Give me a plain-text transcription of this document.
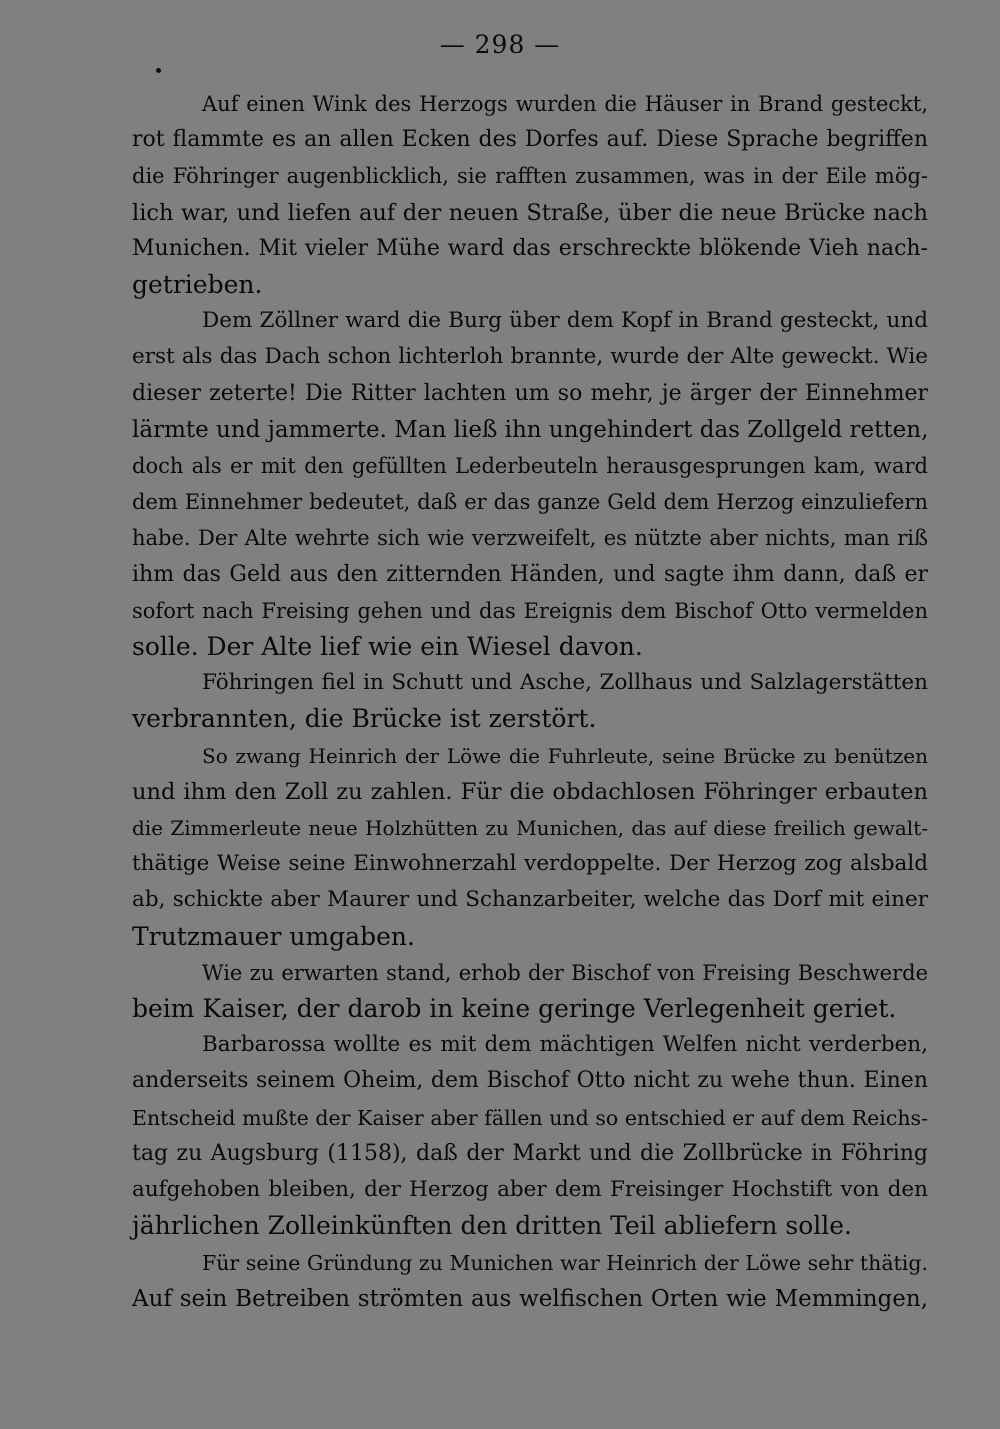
— 298 —
Auf einen Wink des Herzogs wurden die Häuser in Brand gesteckt,
rot flammte es an allen Ecken des Dorfes auf. Diese Sprache begriffen
die Föhringer augenblicklich, sie rafften zusammen, was in der Eile mög-
lich war, und liefen auf der neuen Straße, über die neue Brücke nach
Munichen. Mit vieler Mühe ward das erschreckte blökende Vieh nach-
getrieben.
Dem Zöllner ward die Burg über dem Kopf in Brand gesteckt, und
erst als das Dach schon lichterloh brannte, wurde der Alte geweckt. Wie
dieser zeterte! Die Ritter lachten um so mehr, je ärger der Einnehmer
lärmte und jammerte. Man ließ ihn ungehindert das Zollgeld retten,
doch als er mit den gefüllten Lederbeuteln herausgesprungen kam, ward
dem Einnehmer bedeutet, daß er das ganze Geld dem Herzog einzuliefern
habe. Der Alte wehrte sich wie verzweifelt, es nützte aber nichts, man riß
ihm das Geld aus den zitternden Händen, und sagte ihm dann, daß er
sofort nach Freising gehen und das Ereignis dem Bischof Otto vermelden
solle. Der Alte lief wie ein Wiesel davon.
Föhringen fiel in Schutt und Asche, Zollhaus und Salzlagerstätten
verbrannten, die Brücke ist zerstört.
So zwang Heinrich der Löwe die Fuhrleute, seine Brücke zu benützen
und ihm den Zoll zu zahlen. Für die obdachlosen Föhringer erbauten
die Zimmerleute neue Holzhütten zu Munichen, das auf diese freilich gewalt-
thätige Weise seine Einwohnerzahl verdoppelte. Der Herzog zog alsbald
ab, schickte aber Maurer und Schanzarbeiter, welche das Dorf mit einer
Trutzmauer umgaben.
Wie zu erwarten stand, erhob der Bischof von Freising Beschwerde
beim Kaiser, der darob in keine geringe Verlegenheit geriet.
Barbarossa wollte es mit dem mächtigen Welfen nicht verderben,
anderseits seinem Oheim, dem Bischof Otto nicht zu wehe thun. Einen
Entscheid mußte der Kaiser aber fällen und so entschied er auf dem Reichs-
tag zu Augsburg (1158), daß der Markt und die Zollbrücke in Föhring
aufgehoben bleiben, der Herzog aber dem Freisinger Hochstift von den
jährlichen Zolleinkünften den dritten Teil abliefern solle.
Für seine Gründung zu Munichen war Heinrich der Löwe sehr thätig.
Auf sein Betreiben strömten aus welfischen Orten wie Memmingen,
